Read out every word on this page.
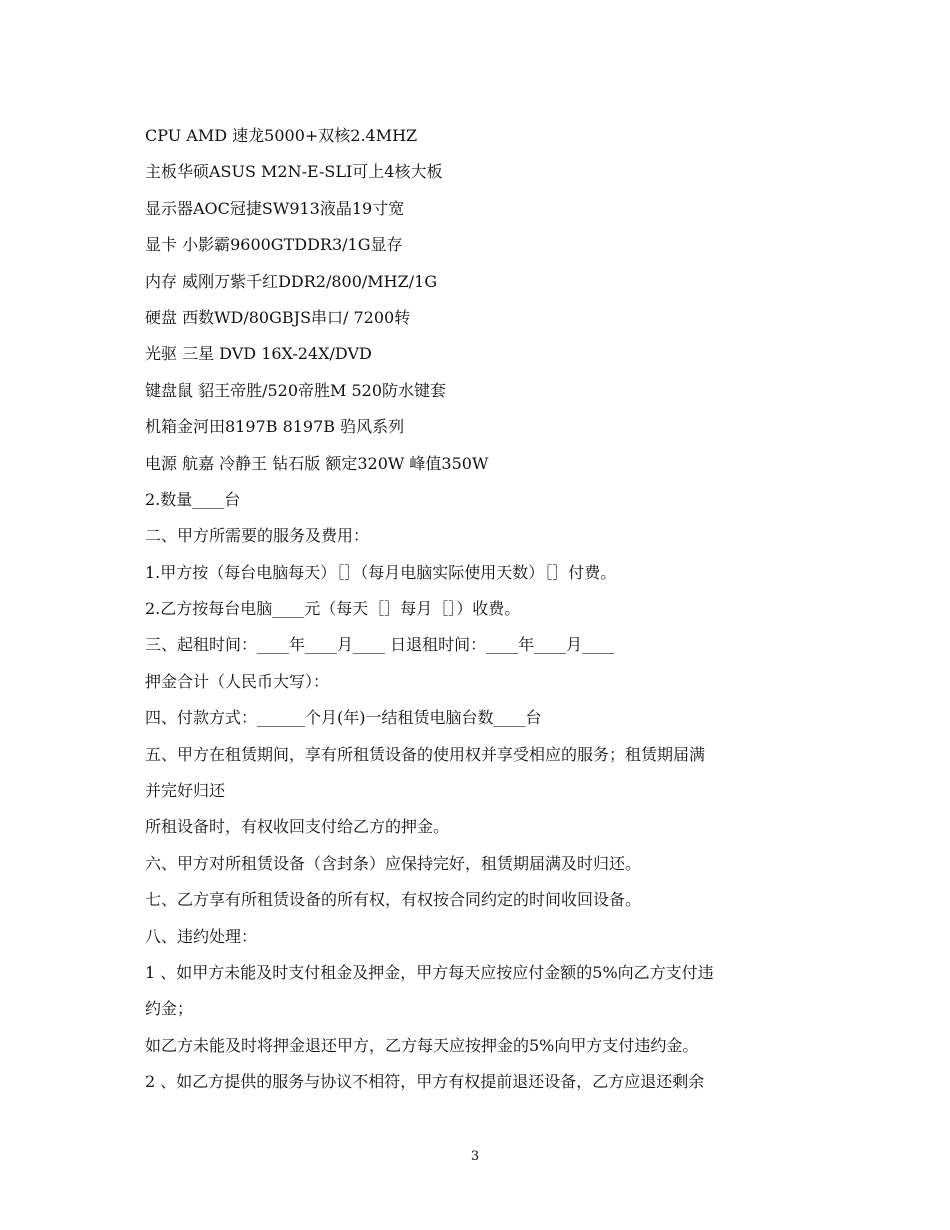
CPU AMD 速龙5000+双核2.4MHZ
主板华硕ASUS M2N-E-SLI可上4核大板
显示器AOC冠捷SW913液晶19寸宽
显卡 小影霸9600GTDDR3/1G显存
内存 威刚万紫千红DDR2/800/MHZ/1G
硬盘 西数WD/80GBJS串口/ 7200转
光驱 三星 DVD 16X-24X/DVD
键盘鼠 貂王帝胜/520帝胜M 520防水键套
机箱金河田8197B 8197B 驺风系列
电源 航嘉 冷静王 钻石版 额定320W 峰值350W
2.数量____台
二、甲方所需要的服务及费用：
1.甲方按（每台电脑每天）［］（每月电脑实际使用天数）［］付费。
2.乙方按每台电脑____元（每天［］每月［］）收费。
三、起租时间：____年____月____ 日退租时间：____年____月____
押金合计（人民币大写）：
四、付款方式：______个月(年)一结租赁电脑台数____台
五、甲方在租赁期间，享有所租赁设备的使用权并享受相应的服务；租赁期届满
并完好归还
所租设备时，有权收回支付给乙方的押金。
六、甲方对所租赁设备（含封条）应保持完好，租赁期届满及时归还。
七、乙方享有所租赁设备的所有权，有权按合同约定的时间收回设备。
八、违约处理：
1 、如甲方未能及时支付租金及押金，甲方每天应按应付金额的5%向乙方支付违
约金；
如乙方未能及时将押金退还甲方，乙方每天应按押金的5%向甲方支付违约金。
2 、如乙方提供的服务与协议不相符，甲方有权提前退还设备，乙方应退还剩余
3
